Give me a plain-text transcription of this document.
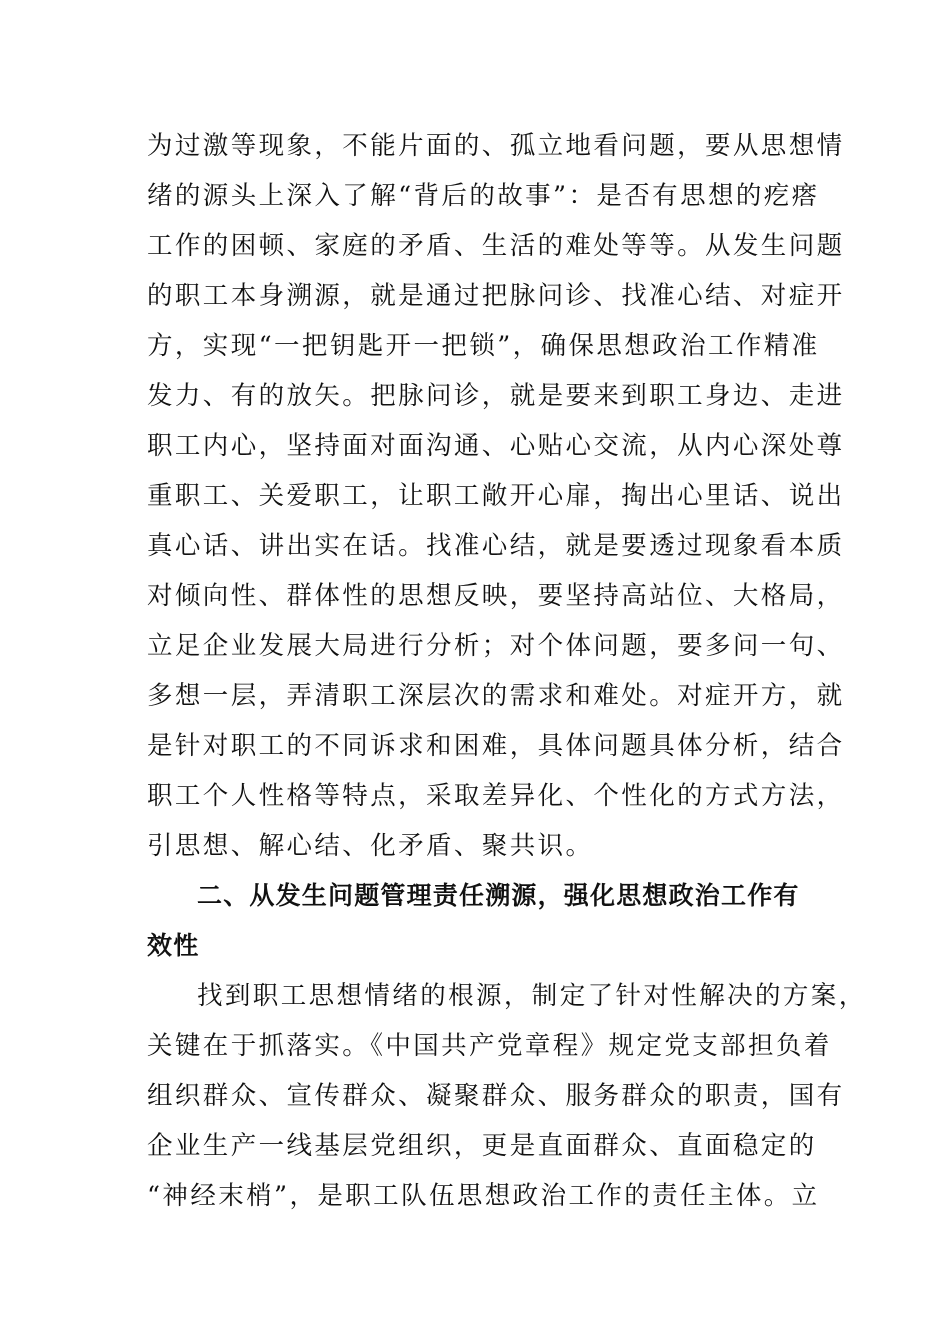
为过激等现象，不能片面的、孤立地看问题，要从思想情
绪的源头上深入了解“背后的故事”：是否有思想的疙瘩
工作的困顿、家庭的矛盾、生活的难处等等。从发生问题
的职工本身溯源，就是通过把脉问诊、找准心结、对症开
方，实现“一把钥匙开一把锁”，确保思想政治工作精准
发力、有的放矢。把脉问诊，就是要来到职工身边、走进
职工内心，坚持面对面沟通、心贴心交流，从内心深处尊
重职工、关爱职工，让职工敞开心扉，掏出心里话、说出
真心话、讲出实在话。找准心结，就是要透过现象看本质
对倾向性、群体性的思想反映，要坚持高站位、大格局，
立足企业发展大局进行分析；对个体问题，要多问一句、
多想一层，弄清职工深层次的需求和难处。对症开方，就
是针对职工的不同诉求和困难，具体问题具体分析，结合
职工个人性格等特点，采取差异化、个性化的方式方法，
引思想、解心结、化矛盾、聚共识。
二、从发生问题管理责任溯源，强化思想政治工作有
效性
找到职工思想情绪的根源，制定了针对性解决的方案，
关键在于抓落实。《中国共产党章程》规定党支部担负着
组织群众、宣传群众、凝聚群众、服务群众的职责，国有
企业生产一线基层党组织，更是直面群众、直面稳定的
“神经末梢”，是职工队伍思想政治工作的责任主体。立
